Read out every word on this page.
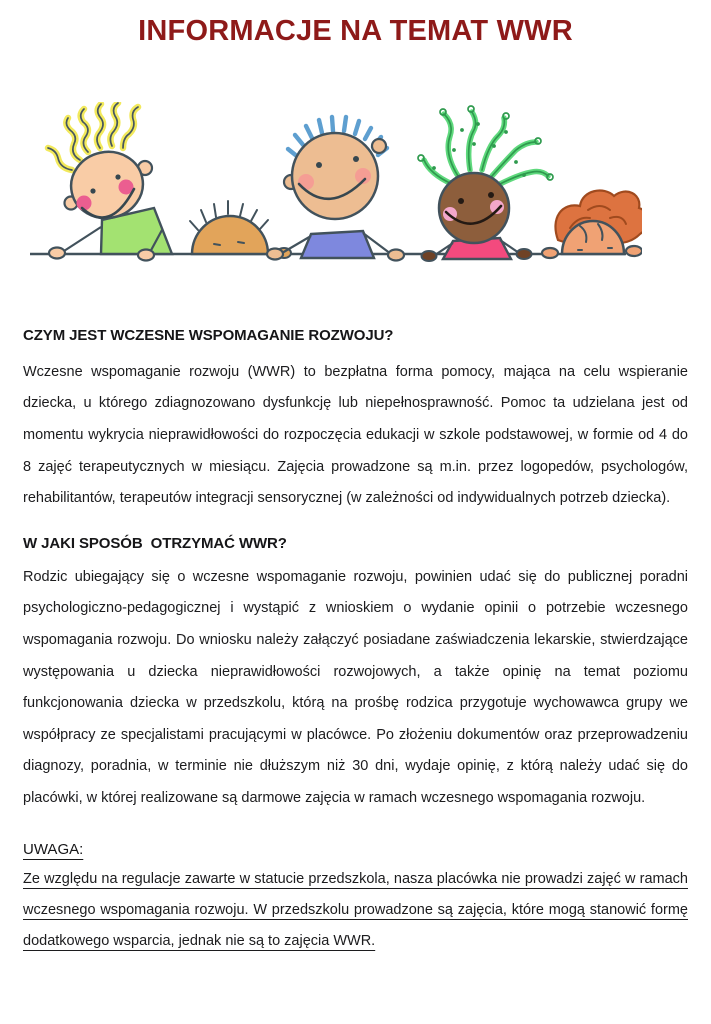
INFORMACJE NA TEMAT WWR
CZYM JEST WCZESNE WSPOMAGANIE ROZWOJU?

Wczesne wspomaganie rozwoju (WWR) to bezpłatna forma pomocy, mająca na celu wspieranie dziecka, u którego zdiagnozowano dysfunkcję lub niepełnosprawność. Pomoc ta udzielana jest od momentu wykrycia nieprawidłowości do rozpoczęcia edukacji w szkole podstawowej, w formie od 4 do 8 zajęć terapeutycznych w miesiącu. Zajęcia prowadzone są m.in. przez logopedów, psychologów, rehabilitantów, terapeutów integracji sensorycznej (w zależności od indywidualnych potrzeb dziecka).

W JAKI SPOSÓB  OTRZYMAĆ WWR?

Rodzic ubiegający się o wczesne wspomaganie rozwoju, powinien udać się do publicznej poradni psychologiczno-pedagogicznej i wystąpić z wnioskiem o wydanie opinii o potrzebie wczesnego wspomagania rozwoju. Do wniosku należy załączyć posiadane zaświadczenia lekarskie, stwierdzające występowania u dziecka nieprawidłowości rozwojowych, a także opinię na temat poziomu funkcjonowania dziecka w przedszkolu, którą na prośbę rodzica przygotuje wychowawca grupy we współpracy ze specjalistami pracującymi w placówce. Po złożeniu dokumentów oraz przeprowadzeniu diagnozy, poradnia, w terminie nie dłuższym niż 30 dni, wydaje opinię, z którą należy udać się do placówki, w której realizowane są darmowe zajęcia w ramach wczesnego wspomagania rozwoju.

UWAGA:

Ze względu na regulacje zawarte w statucie przedszkola, nasza placówka nie prowadzi zajęć w ramach wczesnego wspomagania rozwoju. W przedszkolu prowadzone są zajęcia, które mogą stanowić formę dodatkowego wsparcia, jednak nie są to zajęcia WWR.
